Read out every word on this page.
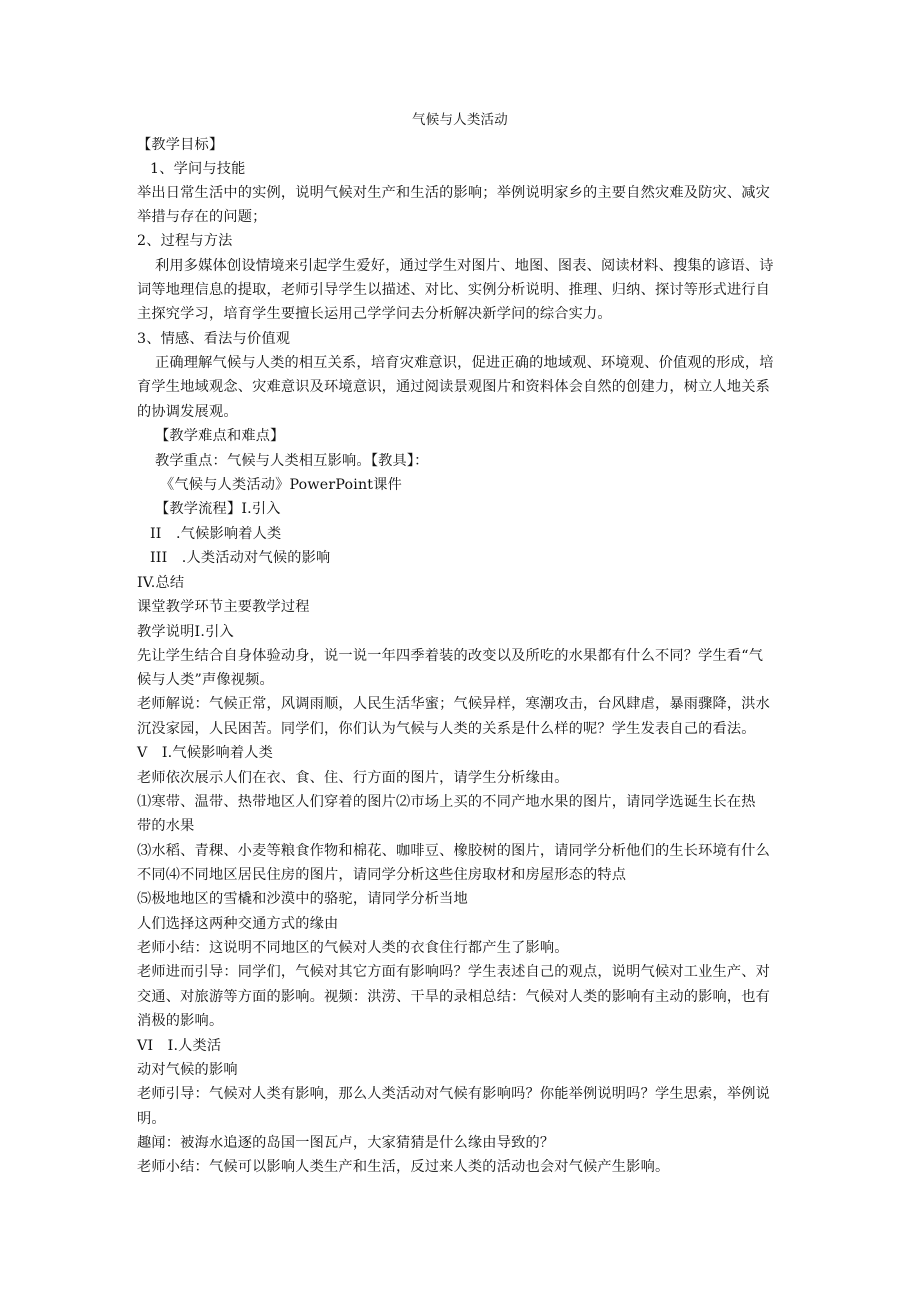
气候与人类活动
【教学目标】
1、学问与技能
举出日常生活中的实例，说明气候对生产和生活的影响；举例说明家乡的主要自然灾难及防灾、减灾
举措与存在的问题；
2、过程与方法
利用多媒体创设情境来引起学生爱好，通过学生对图片、地图、图表、阅读材料、搜集的谚语、诗
词等地理信息的提取，老师引导学生以描述、对比、实例分析说明、推理、归纳、探讨等形式进行自
主探究学习，培育学生要擅长运用己学学问去分析解决新学问的综合实力。
3、情感、看法与价值观
正确理解气候与人类的相互关系，培育灾难意识，促进正确的地域观、环境观、价值观的形成，培
育学生地域观念、灾难意识及环境意识，通过阅读景观图片和资料体会自然的创建力，树立人地关系
的协调发展观。
【教学难点和难点】
教学重点：气候与人类相互影响。【教具】：
《气候与人类活动》PowerPoint课件
【教学流程】I.引入
II　.气候影响着人类
III　.人类活动对气候的影响
IV.总结
课堂教学环节主要教学过程
教学说明I.引入
先让学生结合自身体验动身，说一说一年四季着装的改变以及所吃的水果都有什么不同？学生看“气
候与人类”声像视频。
老师解说：气候正常，风调雨顺，人民生活华蜜；气候异样，寒潮攻击，台风肆虐，暴雨骤降，洪水
沉没家园，人民困苦。同学们，你们认为气候与人类的关系是什么样的呢？学生发表自己的看法。
V　I.气候影响着人类
老师依次展示人们在衣、食、住、行方面的图片，请学生分析缘由。
⑴寒带、温带、热带地区人们穿着的图片⑵市场上买的不同产地水果的图片，请同学选诞生长在热
带的水果
⑶水稻、青稞、小麦等粮食作物和棉花、咖啡豆、橡胶树的图片，请同学分析他们的生长环境有什么
不同⑷不同地区居民住房的图片，请同学分析这些住房取材和房屋形态的特点
⑸极地地区的雪橇和沙漠中的骆驼，请同学分析当地
人们选择这两种交通方式的缘由
老师小结：这说明不同地区的气候对人类的衣食住行都产生了影响。
老师进而引导：同学们，气候对其它方面有影响吗？学生表述自己的观点，说明气候对工业生产、对
交通、对旅游等方面的影响。视频：洪涝、干旱的录相总结：气候对人类的影响有主动的影响，也有
消极的影响。
VI　I.人类活
动对气候的影响
老师引导：气候对人类有影响，那么人类活动对气候有影响吗？你能举例说明吗？学生思索，举例说
明。
趣闻：被海水追逐的岛国一图瓦卢，大家猜猜是什么缘由导致的？
老师小结：气候可以影响人类生产和生活，反过来人类的活动也会对气候产生影响。
